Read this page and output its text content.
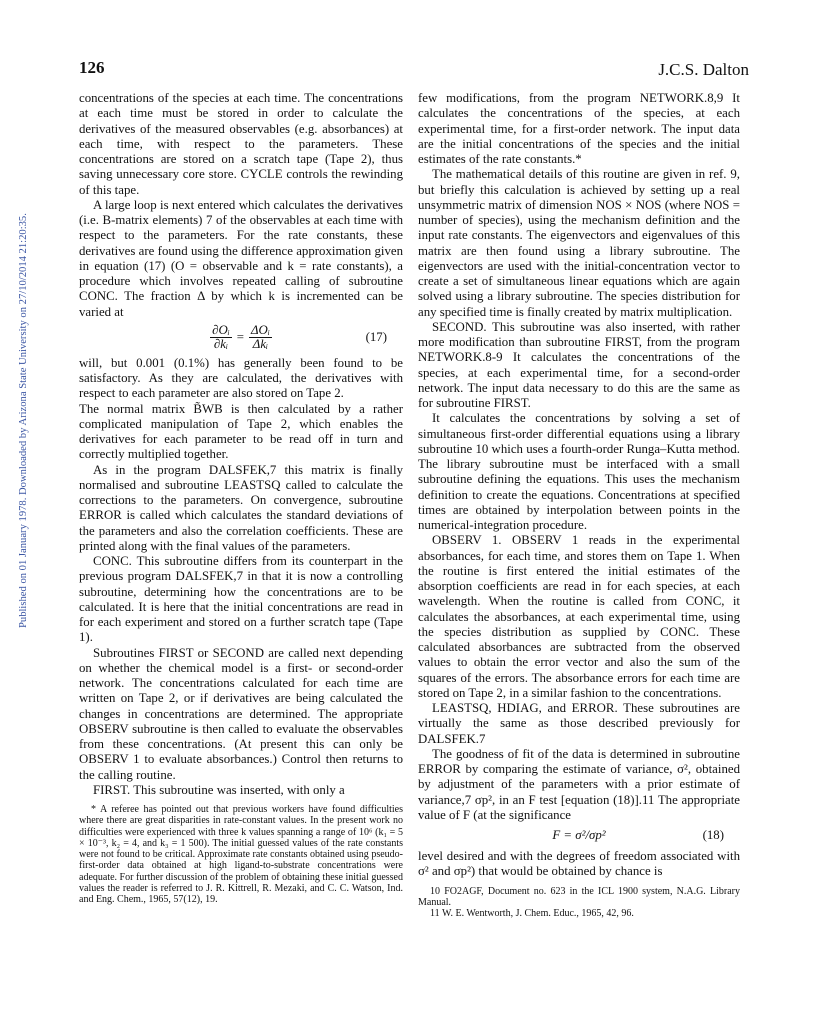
126	J.C.S. Dalton
Published on 01 January 1978. Downloaded by Arizona State University on 27/10/2014 21:20:35.

concentrations of the species at each time. The concentrations at each time must be stored in order to calculate the derivatives of the measured observables (e.g. absorbances) at each time, with respect to the parameters. These concentrations are stored on a scratch tape (Tape 2), thus saving unnecessary core store. CYCLE controls the rewinding of this tape.

A large loop is next entered which calculates the derivatives (i.e. B-matrix elements) 7 of the observables at each time with respect to the parameters. For the rate constants, these derivatives are found using the difference approximation given in equation (17) (O = observable and k = rate constants), a procedure which involves repeated calling of subroutine CONC. The fraction Δ by which k is incremented can be varied at

$\frac{\text{∂Oᵢ}}{\text{∂kᵢ}} = \frac{\text{ΔOᵢ}}{\text{Δkᵢ}}$	(17)

will, but 0.001 (0.1%) has generally been found to be satisfactory. As they are calculated, the derivatives with respect to each parameter are also stored on Tape 2.

The normal matrix B̃WB is then calculated by a rather complicated manipulation of Tape 2, which enables the derivatives for each parameter to be read off in turn and correctly multiplied together.

As in the program DALSFEK,7 this matrix is finally normalised and subroutine LEASTSQ called to calculate the corrections to the parameters. On convergence, subroutine ERROR is called which calculates the standard deviations of the parameters and also the correlation coefficients. These are printed along with the final values of the parameters.

CONC. This subroutine differs from its counterpart in the previous program DALSFEK,7 in that it is now a controlling subroutine, determining how the concentrations are to be calculated. It is here that the initial concentrations are read in for each experiment and stored on a further scratch tape (Tape 1).

Subroutines FIRST or SECOND are called next depending on whether the chemical model is a first- or second-order network. The concentrations calculated for each time are written on Tape 2, or if derivatives are being calculated the changes in concentrations are determined. The appropriate OBSERV subroutine is then called to evaluate the observables from these concentrations. (At present this can only be OBSERV 1 to evaluate absorbances.) Control then returns to the calling routine.

FIRST. This subroutine was inserted, with only a

* A referee has pointed out that previous workers have found difficulties where there are great disparities in rate-constant values. In the present work no difficulties were experienced with three k values spanning a range of 10⁶ (k₁ = 5 × 10⁻³, k₂ = 4, and k₃ = 1 500). The initial guessed values of the rate constants were not found to be critical. Approximate rate constants obtained using pseudo-first-order data obtained at high ligand-to-substrate concentrations were adequate. For further discussion of the problem of obtaining these initial guessed values the reader is referred to J. R. Kittrell, R. Mezaki, and C. C. Watson, Ind. and Eng. Chem., 1965, 57(12), 19.

few modifications, from the program NETWORK.8,9 It calculates the concentrations of the species, at each experimental time, for a first-order network. The input data are the initial concentrations of the species and the initial estimates of the rate constants.*

The mathematical details of this routine are given in ref. 9, but briefly this calculation is achieved by setting up a real unsymmetric matrix of dimension NOS × NOS (where NOS = number of species), using the mechanism definition and the input rate constants. The eigenvectors and eigenvalues of this matrix are then found using a library subroutine. The eigenvectors are used with the initial-concentration vector to create a set of simultaneous linear equations which are again solved using a library subroutine. The species distribution for any specified time is finally created by matrix multiplication.

SECOND. This subroutine was also inserted, with rather more modification than subroutine FIRST, from the program NETWORK.8-9 It calculates the concentrations of the species, at each experimental time, for a second-order network. The input data necessary to do this are the same as for subroutine FIRST.

It calculates the concentrations by solving a set of simultaneous first-order differential equations using a library subroutine 10 which uses a fourth-order Runga–Kutta method. The library subroutine must be interfaced with a small subroutine defining the equations. This uses the mechanism definition to create the equations. Concentrations at specified times are obtained by interpolation between points in the numerical-integration procedure.

OBSERV 1. OBSERV 1 reads in the experimental absorbances, for each time, and stores them on Tape 1. When the routine is first entered the initial estimates of the absorption coefficients are read in for each species, at each wavelength. When the routine is called from CONC, it calculates the absorbances, at each experimental time, using the species distribution as supplied by CONC. These calculated absorbances are subtracted from the observed values to obtain the error vector and also the sum of the squares of the errors. The absorbance errors for each time are stored on Tape 2, in a similar fashion to the concentrations.

LEASTSQ, HDIAG, and ERROR. These subroutines are virtually the same as those described previously for DALSFEK.7

The goodness of fit of the data is determined in subroutine ERROR by comparing the estimate of variance, σ², obtained by adjustment of the parameters with a prior estimate of variance,7 σp², in an F test [equation (18)].11 The appropriate value of F (at the significance

F = σ²/σp²	(18)

level desired and with the degrees of freedom associated with σ² and σp²) that would be obtained by chance is

10 FO2AGF, Document no. 623 in the ICL 1900 system, N.A.G. Library Manual.

11 W. E. Wentworth, J. Chem. Educ., 1965, 42, 96.
